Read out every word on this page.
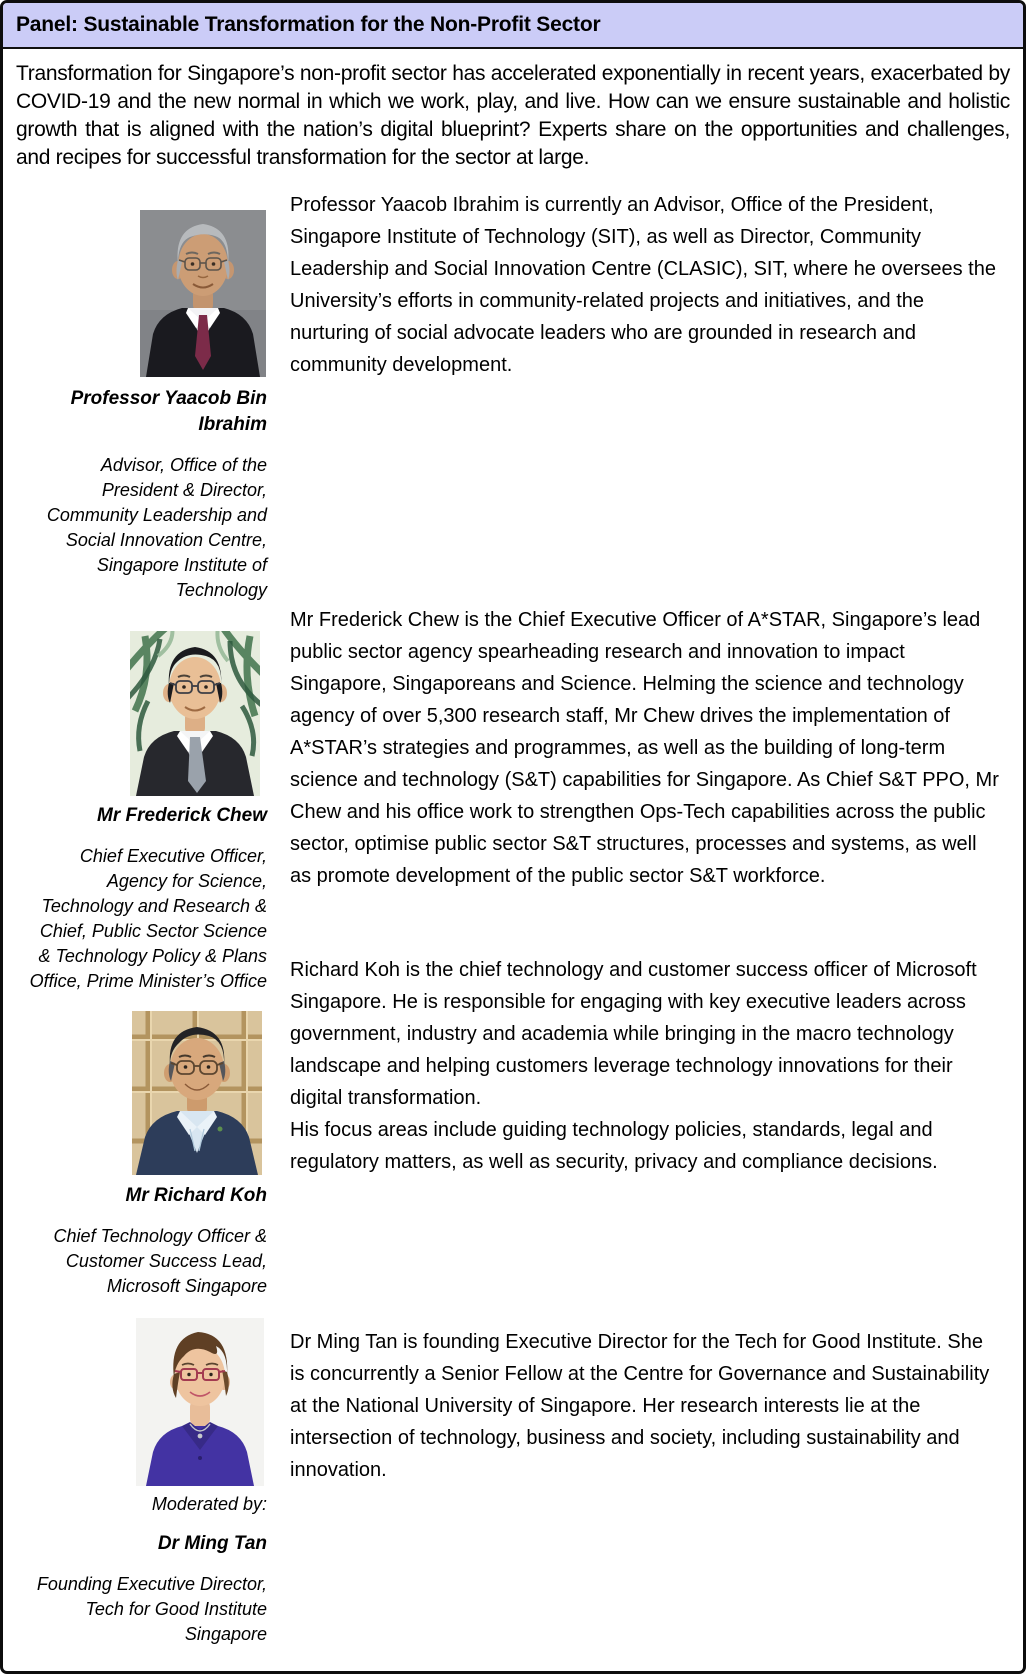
Panel: Sustainable Transformation for the Non-Profit Sector
Transformation for Singapore’s non-profit sector has accelerated exponentially in recent years, exacerbated by COVID-19 and the new normal in which we work, play, and live. How can we ensure sustainable and holistic growth that is aligned with the nation’s digital blueprint? Experts share on the opportunities and challenges, and recipes for successful transformation for the sector at large.
Professor Yaacob Bin Ibrahim
Advisor, Office of the President & Director, Community Leadership and Social Innovation Centre, Singapore Institute of Technology

Professor Yaacob Ibrahim is currently an Advisor, Office of the President, Singapore Institute of Technology (SIT), as well as Director, Community Leadership and Social Innovation Centre (CLASIC), SIT, where he oversees the University’s efforts in community-related projects and initiatives, and the nurturing of social advocate leaders who are grounded in research and community development.

Mr Frederick Chew
Chief Executive Officer, Agency for Science, Technology and Research & Chief, Public Sector Science & Technology Policy & Plans Office, Prime Minister’s Office

Mr Frederick Chew is the Chief Executive Officer of A*STAR, Singapore’s lead public sector agency spearheading research and innovation to impact Singapore, Singaporeans and Science. Helming the science and technology agency of over 5,300 research staff, Mr Chew drives the implementation of A*STAR’s strategies and programmes, as well as the building of long-term science and technology (S&T) capabilities for Singapore. As Chief S&T PPO, Mr Chew and his office work to strengthen Ops-Tech capabilities across the public sector, optimise public sector S&T structures, processes and systems, as well as promote development of the public sector S&T workforce.

Mr Richard Koh
Chief Technology Officer & Customer Success Lead, Microsoft Singapore

Richard Koh is the chief technology and customer success officer of Microsoft Singapore. He is responsible for engaging with key executive leaders across government, industry and academia while bringing in the macro technology landscape and helping customers leverage technology innovations for their digital transformation.

His focus areas include guiding technology policies, standards, legal and regulatory matters, as well as security, privacy and compliance decisions.

Moderated by:
Dr Ming Tan
Founding Executive Director, Tech for Good Institute Singapore

Dr Ming Tan is founding Executive Director for the Tech for Good Institute. She is concurrently a Senior Fellow at the Centre for Governance and Sustainability at the National University of Singapore. Her research interests lie at the intersection of technology, business and society, including sustainability and innovation.
